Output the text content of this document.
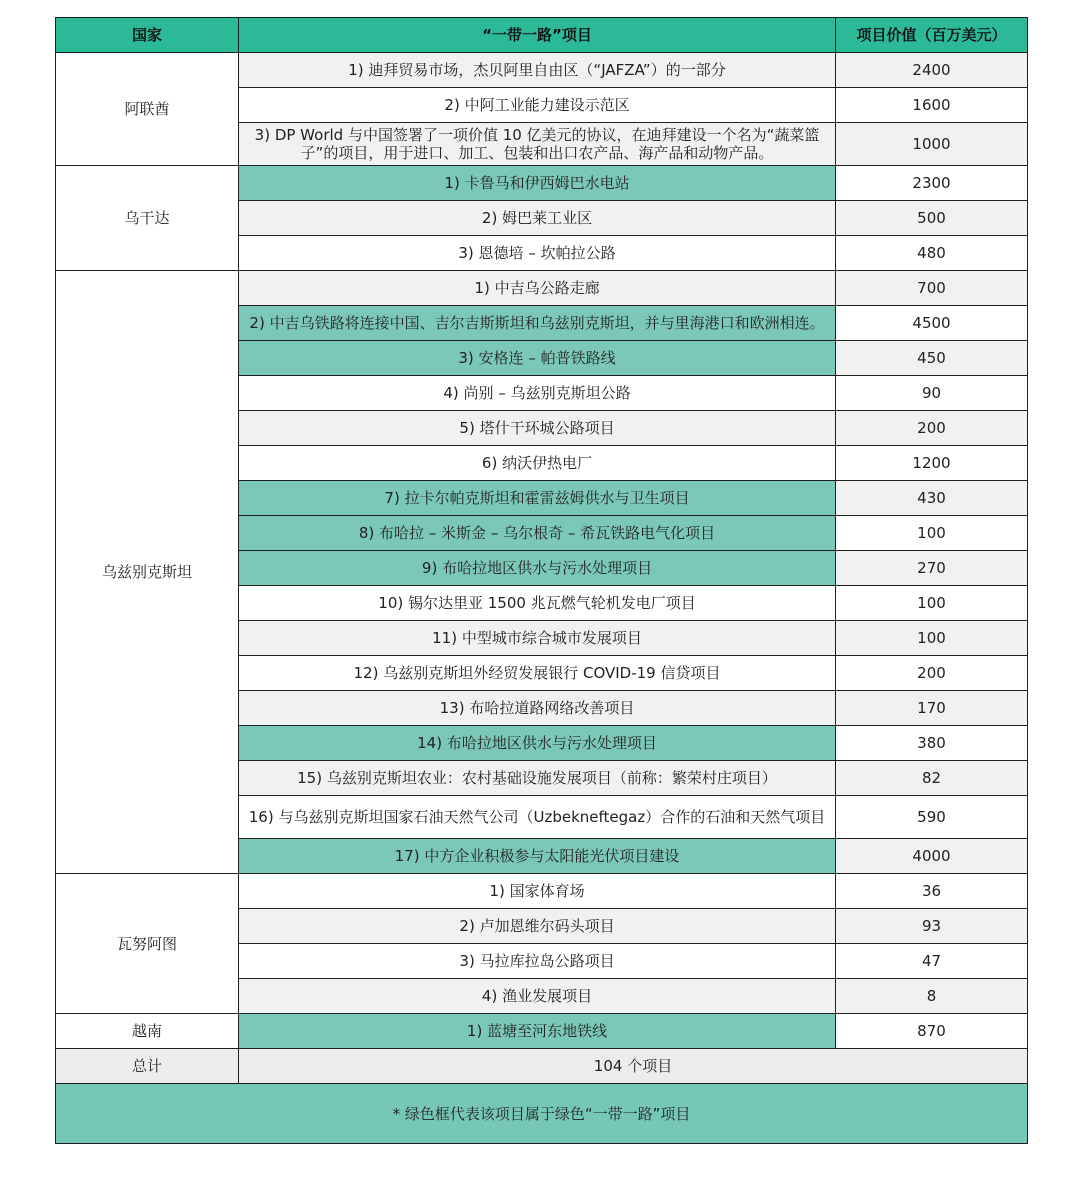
国家	“一带一路”项目	项目价值（百万美元）
阿联酋	1) 迪拜贸易市场，杰贝阿里自由区（“JAFZA”）的一部分	2400
	2) 中阿工业能力建设示范区	1600
	3) DP World 与中国签署了一项价值 10 亿美元的协议，在迪拜建设一个名为“蔬菜篮子”的项目，用于进口、加工、包装和出口农产品、海产品和动物产品。	1000
乌干达	1) 卡鲁马和伊西姆巴水电站	2300
	2) 姆巴莱工业区	500
	3) 恩德培 – 坎帕拉公路	480
乌兹别克斯坦	1) 中吉乌公路走廊	700
	2) 中吉乌铁路将连接中国、吉尔吉斯斯坦和乌兹别克斯坦，并与里海港口和欧洲相连。	4500
	3) 安格连 – 帕普铁路线	450
	4) 尚别 – 乌兹别克斯坦公路	90
	5) 塔什干环城公路项目	200
	6) 纳沃伊热电厂	1200
	7) 拉卡尔帕克斯坦和霍雷兹姆供水与卫生项目	430
	8) 布哈拉 – 米斯金 – 乌尔根奇 – 希瓦铁路电气化项目	100
	9) 布哈拉地区供水与污水处理项目	270
	10) 锡尔达里亚 1500 兆瓦燃气轮机发电厂项目	100
	11) 中型城市综合城市发展项目	100
	12) 乌兹别克斯坦外经贸发展银行 COVID-19 信贷项目	200
	13) 布哈拉道路网络改善项目	170
	14) 布哈拉地区供水与污水处理项目	380
	15) 乌兹别克斯坦农业：农村基础设施发展项目（前称：繁荣村庄项目）	82
	16) 与乌兹别克斯坦国家石油天然气公司（Uzbekneftegaz）合作的石油和天然气项目	590
	17) 中方企业积极参与太阳能光伏项目建设	4000
瓦努阿图	1) 国家体育场	36
	2) 卢加恩维尔码头项目	93
	3) 马拉库拉岛公路项目	47
	4) 渔业发展项目	8
越南	1) 蓝塘至河东地铁线	870
总计	104 个项目	
* 绿色框代表该项目属于绿色“一带一路”项目		
